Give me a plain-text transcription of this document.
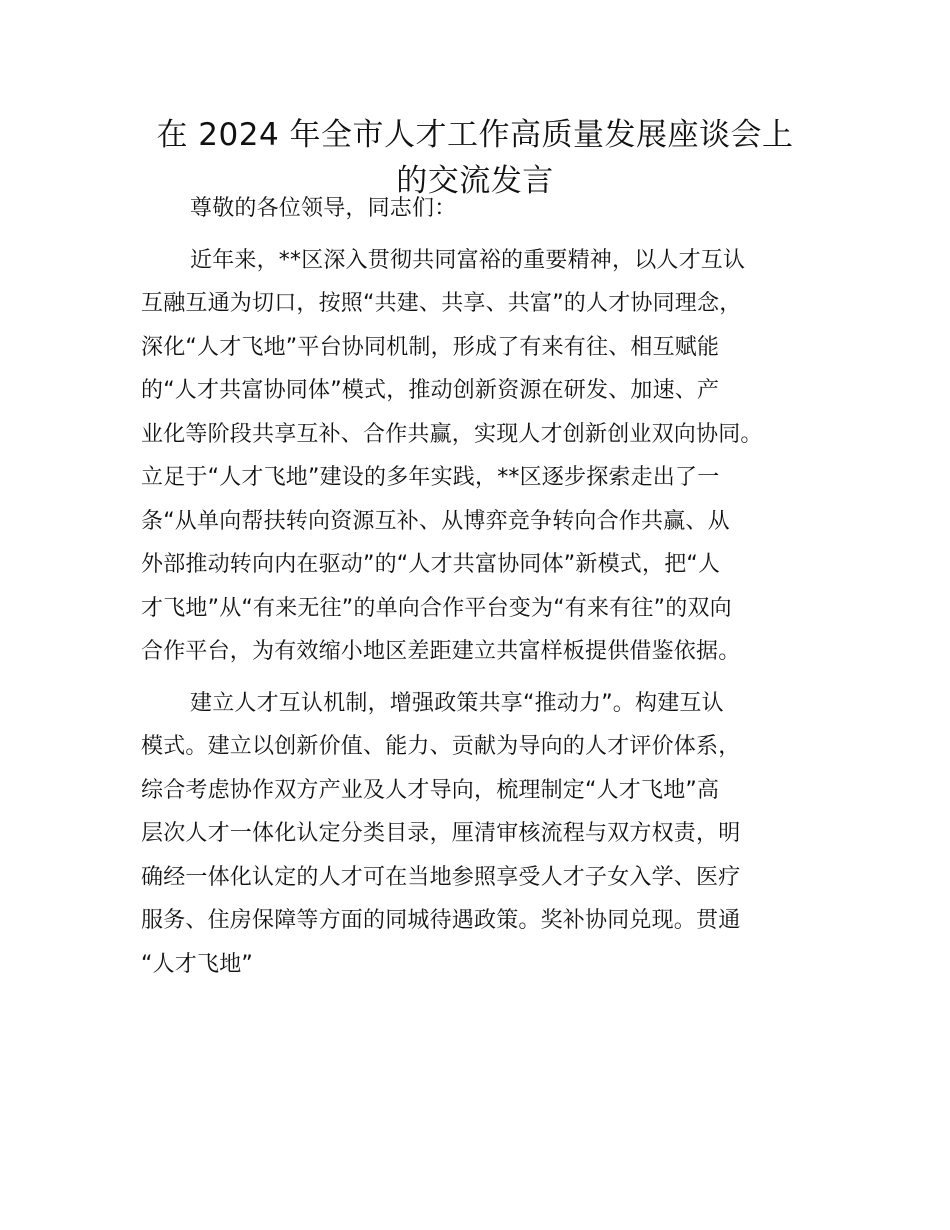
在 2024 年全市人才工作高质量发展座谈会上
的交流发言
尊敬的各位领导，同志们：
近年来，**区深入贯彻共同富裕的重要精神，以人才互认
互融互通为切口，按照“共建、共享、共富”的人才协同理念，
深化“人才飞地”平台协同机制，形成了有来有往、相互赋能
的“人才共富协同体”模式，推动创新资源在研发、加速、产
业化等阶段共享互补、合作共赢，实现人才创新创业双向协同。
立足于“人才飞地”建设的多年实践，**区逐步探索走出了一
条“从单向帮扶转向资源互补、从博弈竞争转向合作共赢、从
外部推动转向内在驱动”的“人才共富协同体”新模式，把“人
才飞地”从“有来无往”的单向合作平台变为“有来有往”的双向
合作平台，为有效缩小地区差距建立共富样板提供借鉴依据。
建立人才互认机制，增强政策共享“推动力”。构建互认
模式。建立以创新价值、能力、贡献为导向的人才评价体系，
综合考虑协作双方产业及人才导向，梳理制定“人才飞地”高
层次人才一体化认定分类目录，厘清审核流程与双方权责，明
确经一体化认定的人才可在当地参照享受人才子女入学、医疗
服务、住房保障等方面的同城待遇政策。奖补协同兑现。贯通
“人才飞地”
